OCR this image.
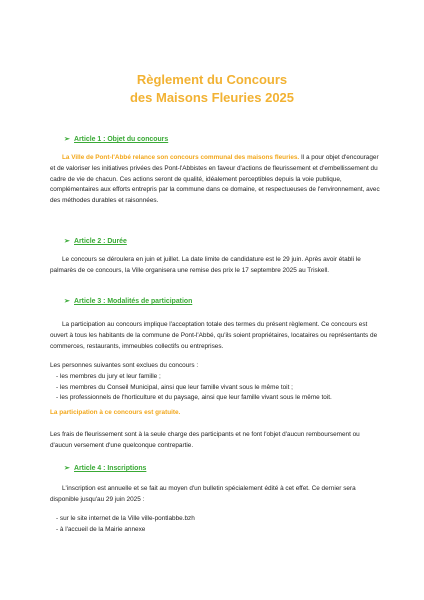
Règlement du Concours
des Maisons Fleuries 2025
➢ Article 1 : Objet du concours
La Ville de Pont-l'Abbé relance son concours communal des maisons fleuries. Il a pour objet d'encourager et de valoriser les initiatives privées des Pont-l'Abbistes en faveur d'actions de fleurissement et d'embellissement du cadre de vie de chacun. Ces actions seront de qualité, idéalement perceptibles depuis la voie publique, complémentaires aux efforts entrepris par la commune dans ce domaine, et respectueuses de l'environnement, avec des méthodes durables et raisonnées.
➢ Article 2 : Durée
Le concours se déroulera en juin et juillet. La date limite de candidature est le 29 juin. Après avoir établi le palmarès de ce concours, la Ville organisera une remise des prix le 17 septembre 2025 au Triskell.
➢ Article 3 : Modalités de participation
La participation au concours implique l'acceptation totale des termes du présent règlement. Ce concours est ouvert à tous les habitants de la commune de Pont-l'Abbé, qu'ils soient propriétaires, locataires ou représentants de commerces, restaurants, immeubles collectifs ou entreprises.
Les personnes suivantes sont exclues du concours :
- les membres du jury et leur famille ;
- les membres du Conseil Municipal, ainsi que leur famille vivant sous le même toit ;
- les professionnels de l'horticulture et du paysage, ainsi que leur famille vivant sous le même toit.
La participation à ce concours est gratuite.
Les frais de fleurissement sont à la seule charge des participants et ne font l'objet d'aucun remboursement ou d'aucun versement d'une quelconque contrepartie.
➢ Article 4 : Inscriptions
L'inscription est annuelle et se fait au moyen d'un bulletin spécialement édité à cet effet. Ce dernier sera disponible jusqu'au 29 juin 2025 :
- sur le site internet de la Ville ville-pontlabbe.bzh
- à l'accueil de la Mairie annexe
